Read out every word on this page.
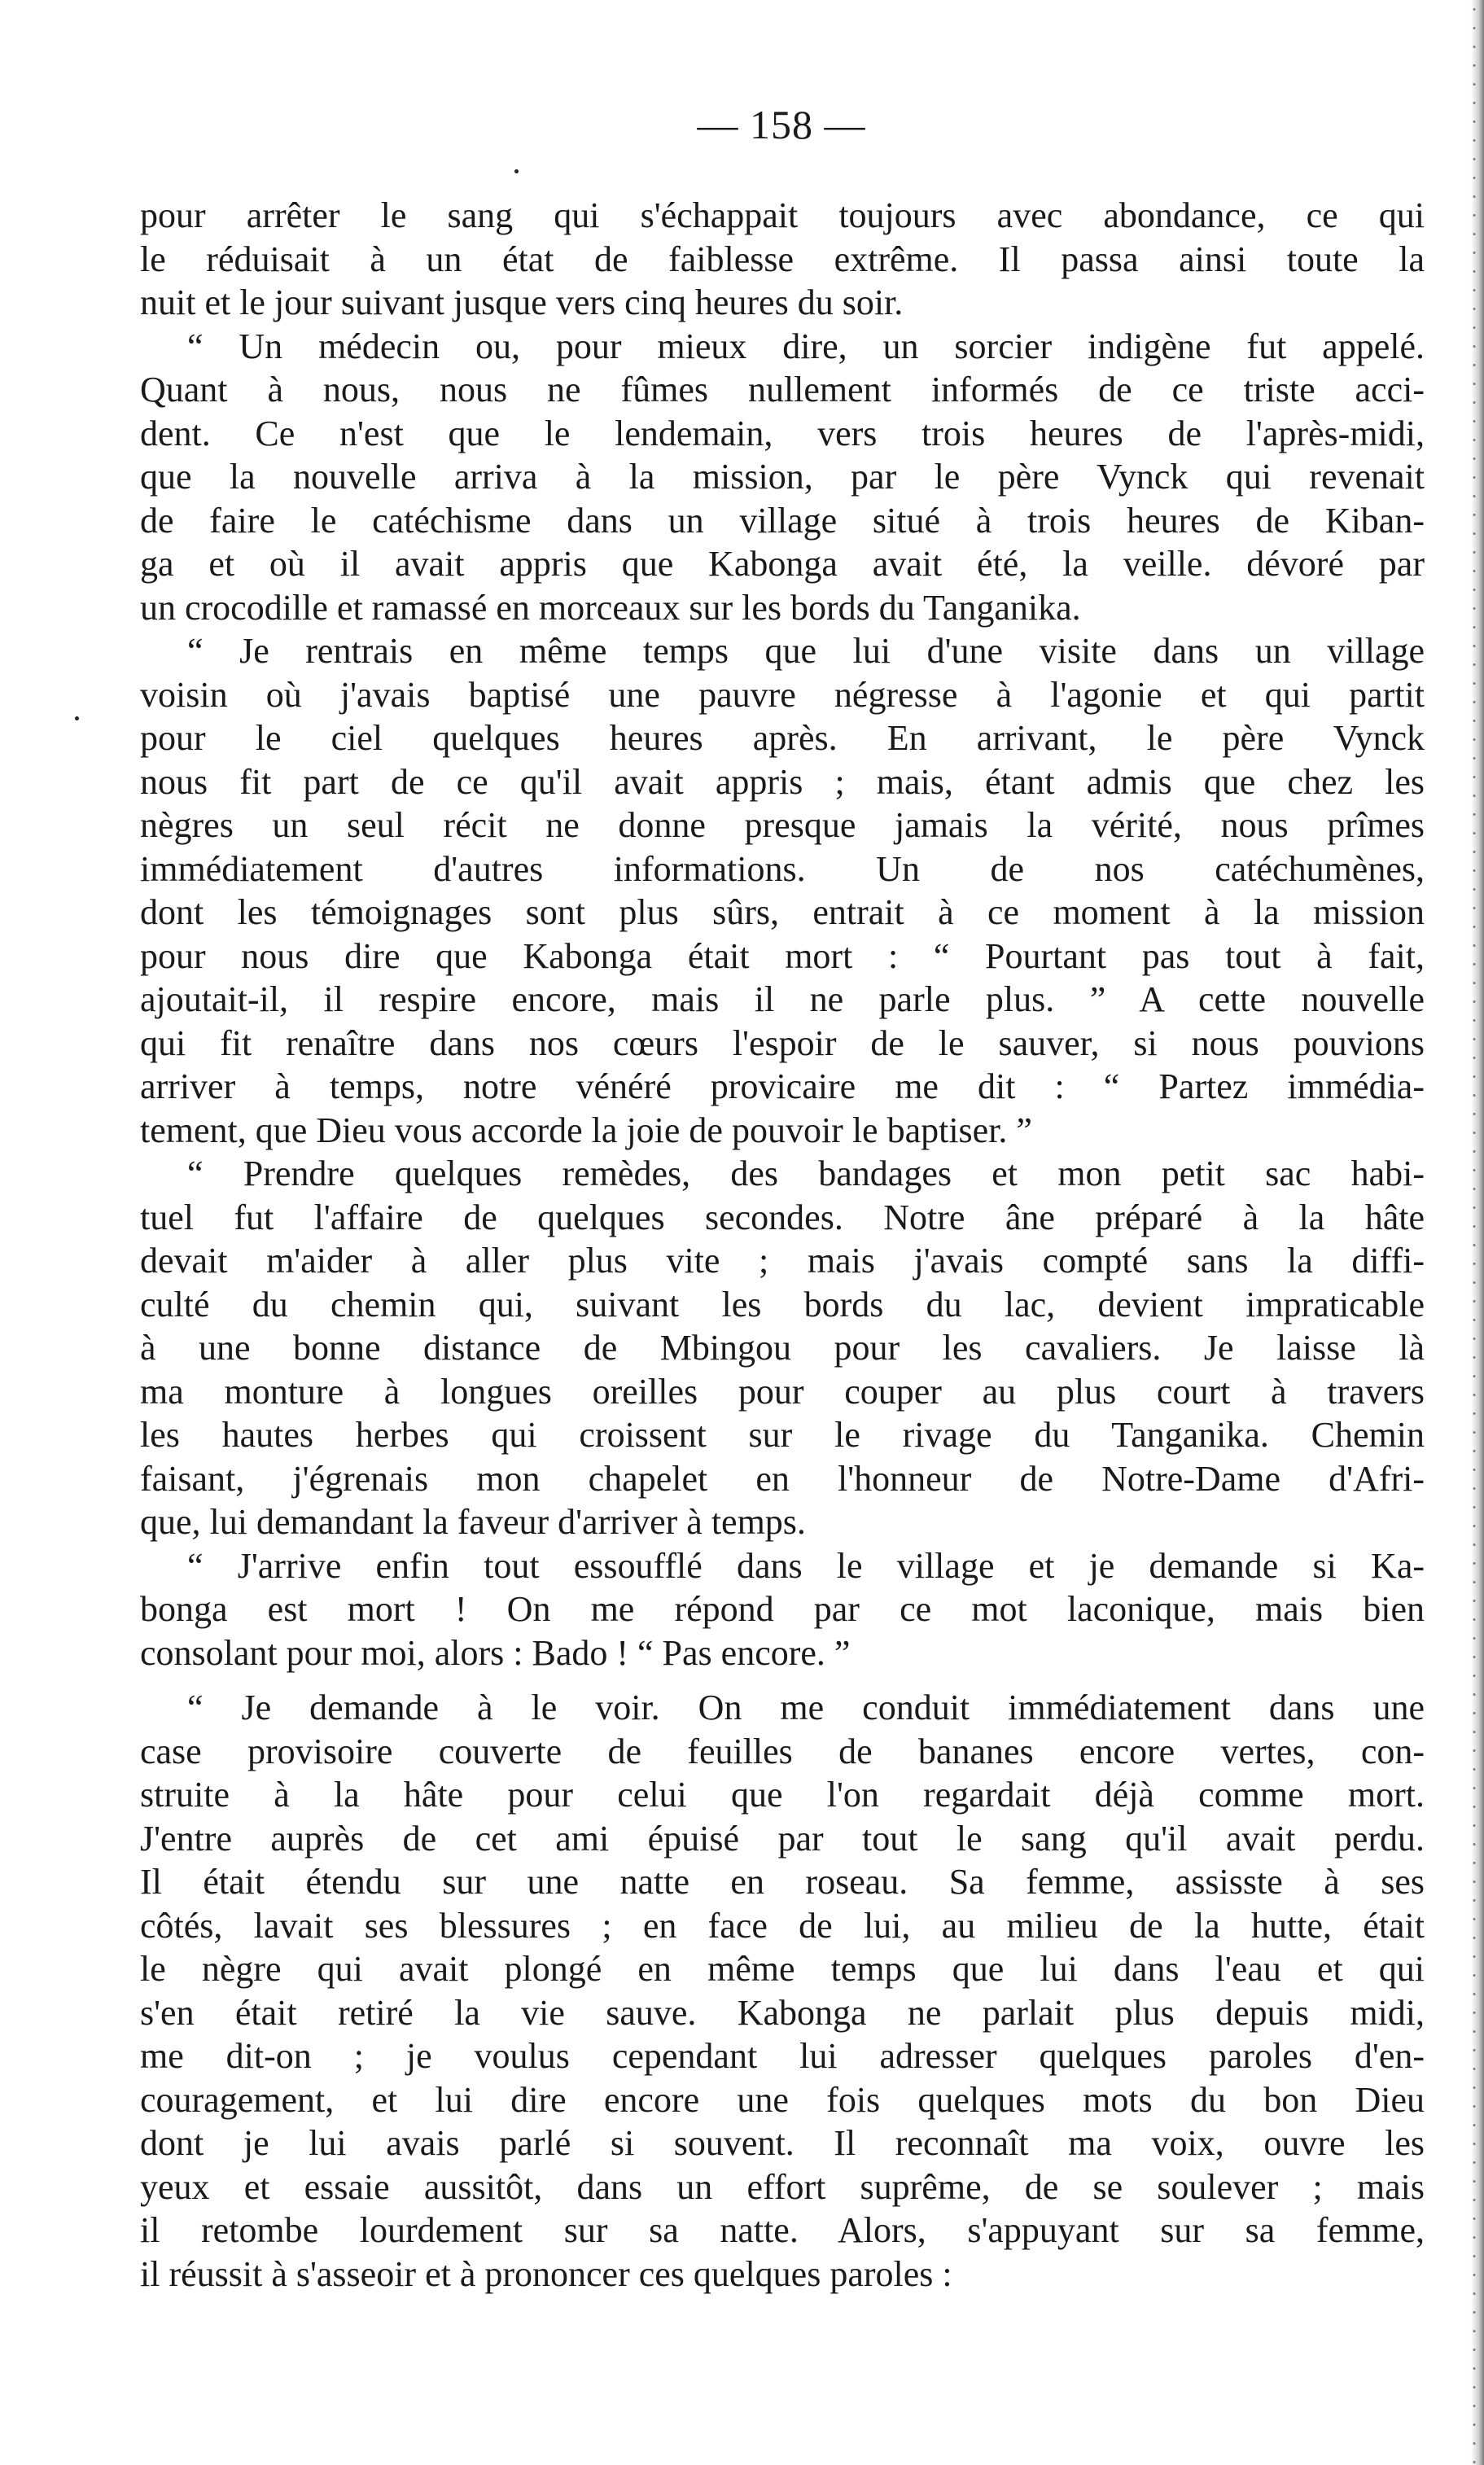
— 158 —
pour arrêter le sang qui s'échappait toujours avec abondance, ce qui
le réduisait à un état de faiblesse extrême. Il passa ainsi toute la
nuit et le jour suivant jusque vers cinq heures du soir.
“ Un médecin ou, pour mieux dire, un sorcier indigène fut appelé.
Quant à nous, nous ne fûmes nullement informés de ce triste acci-
dent. Ce n'est que le lendemain, vers trois heures de l'après-midi,
que la nouvelle arriva à la mission, par le père Vynck qui revenait
de faire le catéchisme dans un village situé à trois heures de Kiban-
ga et où il avait appris que Kabonga avait été, la veille. dévoré par
un crocodille et ramassé en morceaux sur les bords du Tanganika.
“ Je rentrais en même temps que lui d'une visite dans un village
voisin où j'avais baptisé une pauvre négresse à l'agonie et qui partit
pour le ciel quelques heures après. En arrivant, le père Vynck
nous fit part de ce qu'il avait appris ; mais, étant admis que chez les
nègres un seul récit ne donne presque jamais la vérité, nous prîmes
immédiatement d'autres informations. Un de nos catéchumènes,
dont les témoignages sont plus sûrs, entrait à ce moment à la mission
pour nous dire que Kabonga était mort : “ Pourtant pas tout à fait,
ajoutait-il, il respire encore, mais il ne parle plus. ” A cette nouvelle
qui fit renaître dans nos cœurs l'espoir de le sauver, si nous pouvions
arriver à temps, notre vénéré provicaire me dit : “ Partez immédia-
tement, que Dieu vous accorde la joie de pouvoir le baptiser. ”
“ Prendre quelques remèdes, des bandages et mon petit sac habi-
tuel fut l'affaire de quelques secondes. Notre âne préparé à la hâte
devait m'aider à aller plus vite ; mais j'avais compté sans la diffi-
culté du chemin qui, suivant les bords du lac, devient impraticable
à une bonne distance de Mbingou pour les cavaliers. Je laisse là
ma monture à longues oreilles pour couper au plus court à travers
les hautes herbes qui croissent sur le rivage du Tanganika. Chemin
faisant, j'égrenais mon chapelet en l'honneur de Notre-Dame d'Afri-
que, lui demandant la faveur d'arriver à temps.
“ J'arrive enfin tout essoufflé dans le village et je demande si Ka-
bonga est mort ! On me répond par ce mot laconique, mais bien
consolant pour moi, alors : Bado ! “ Pas encore. ”
“ Je demande à le voir. On me conduit immédiatement dans une
case provisoire couverte de feuilles de bananes encore vertes, con-
struite à la hâte pour celui que l'on regardait déjà comme mort.
J'entre auprès de cet ami épuisé par tout le sang qu'il avait perdu.
Il était étendu sur une natte en roseau. Sa femme, assisste à ses
côtés, lavait ses blessures ; en face de lui, au milieu de la hutte, était
le nègre qui avait plongé en même temps que lui dans l'eau et qui
s'en était retiré la vie sauve. Kabonga ne parlait plus depuis midi,
me dit-on ; je voulus cependant lui adresser quelques paroles d'en-
couragement, et lui dire encore une fois quelques mots du bon Dieu
dont je lui avais parlé si souvent. Il reconnaît ma voix, ouvre les
yeux et essaie aussitôt, dans un effort suprême, de se soulever ; mais
il retombe lourdement sur sa natte. Alors, s'appuyant sur sa femme,
il réussit à s'asseoir et à prononcer ces quelques paroles :
